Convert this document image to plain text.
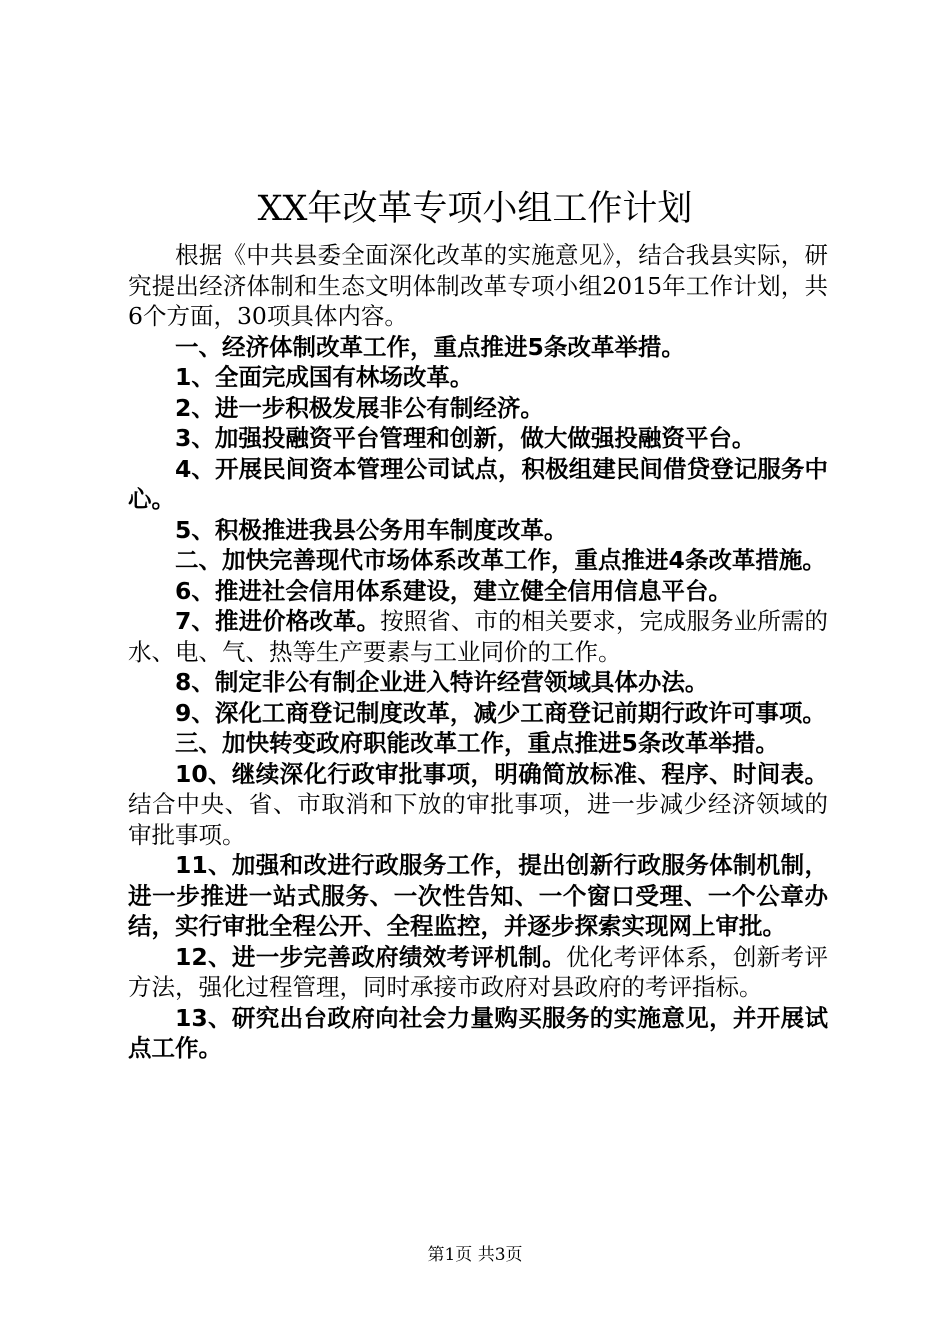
XX年改革专项小组工作计划

根据《中共县委全面深化改革的实施意见》，结合我县实际，研究提出经济体制和生态文明体制改革专项小组2015年工作计划，共6个方面，30项具体内容。

一、经济体制改革工作，重点推进5条改革举措。

1、全面完成国有林场改革。

2、进一步积极发展非公有制经济。

3、加强投融资平台管理和创新，做大做强投融资平台。

4、开展民间资本管理公司试点，积极组建民间借贷登记服务中心。

5、积极推进我县公务用车制度改革。

二、加快完善现代市场体系改革工作，重点推进4条改革措施。

6、推进社会信用体系建设，建立健全信用信息平台。

7、推进价格改革。按照省、市的相关要求，完成服务业所需的水、电、气、热等生产要素与工业同价的工作。

8、制定非公有制企业进入特许经营领域具体办法。

9、深化工商登记制度改革，减少工商登记前期行政许可事项。

三、加快转变政府职能改革工作，重点推进5条改革举措。

10、继续深化行政审批事项，明确简放标准、程序、时间表。结合中央、省、市取消和下放的审批事项，进一步减少经济领域的审批事项。

11、加强和改进行政服务工作，提出创新行政服务体制机制，进一步推进一站式服务、一次性告知、一个窗口受理、一个公章办结，实行审批全程公开、全程监控，并逐步探索实现网上审批。

12、进一步完善政府绩效考评机制。优化考评体系，创新考评方法，强化过程管理，同时承接市政府对县政府的考评指标。

13、研究出台政府向社会力量购买服务的实施意见，并开展试点工作。

第1页 共3页
